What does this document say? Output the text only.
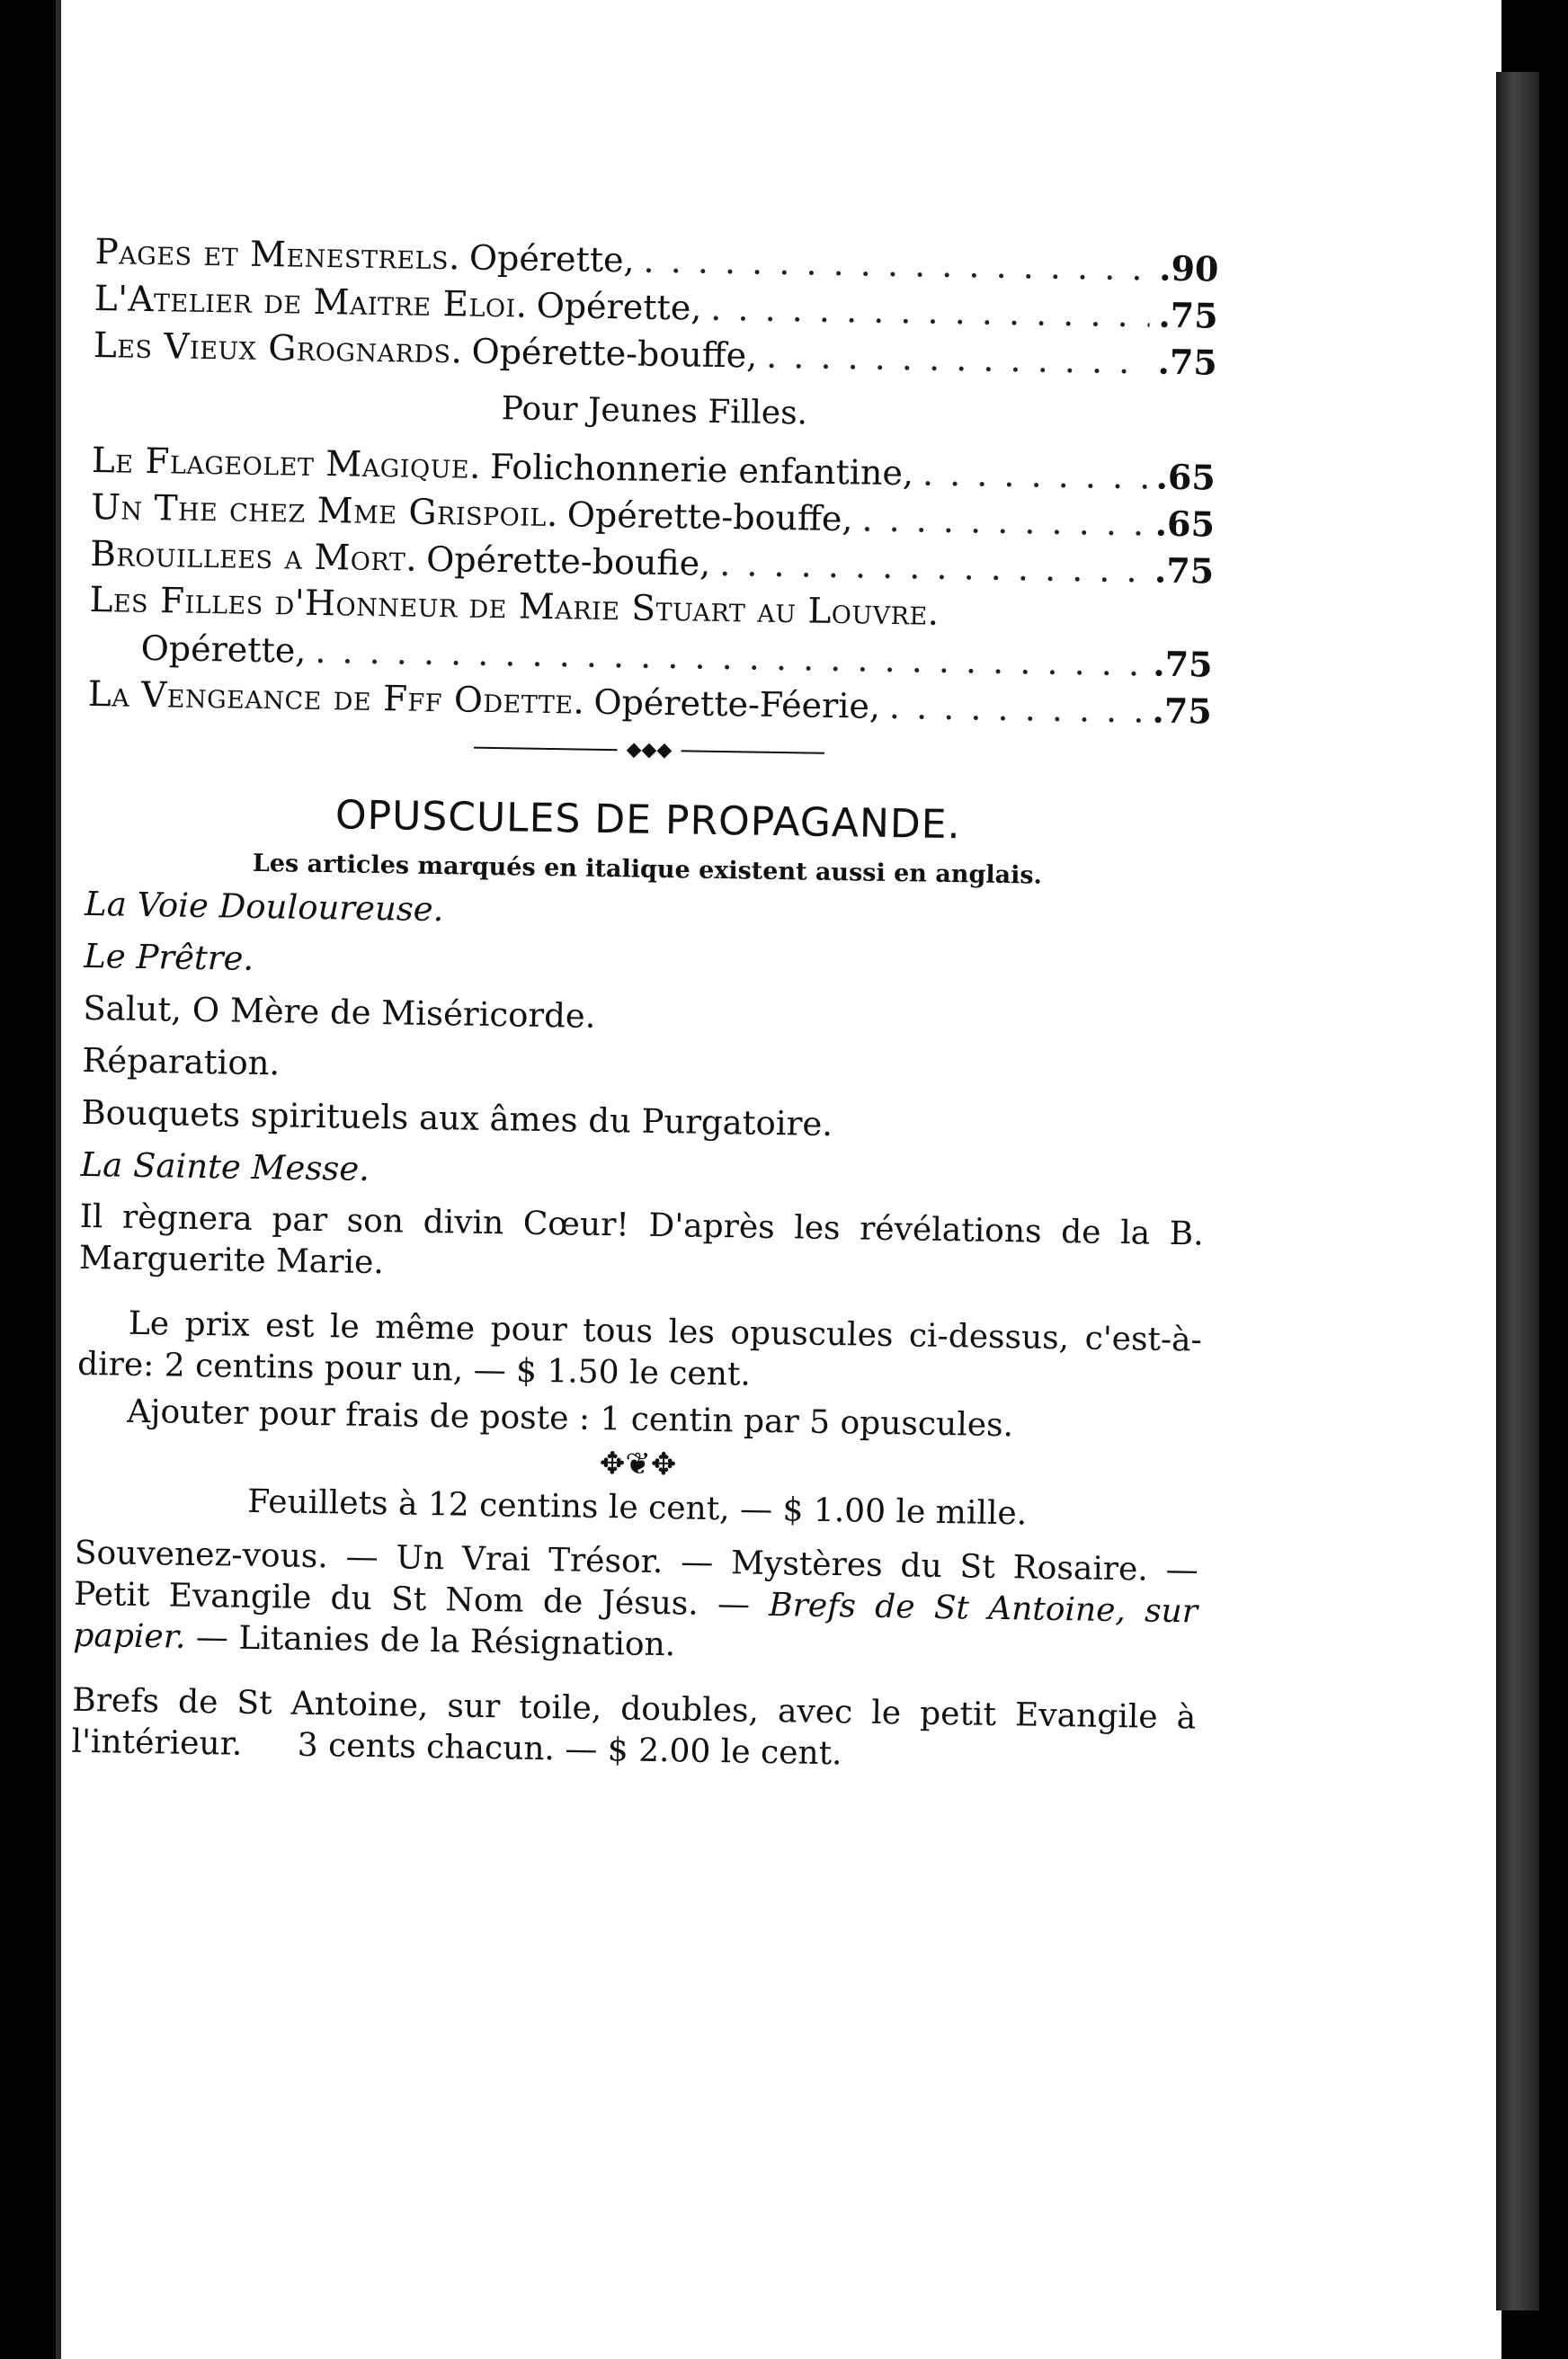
Pages et Menestrels. Opérette, . . .	.90
L'Atelier de Maitre Eloi. Opérette, . . .	.75
Les Vieux Grognards. Opérette-bouffe, . . .	.75
Pour Jeunes Filles.
Le Flageolet Magique. Folichonnerie enfantine, . . .	.65
Un The chez Mme Grispoil. Opérette-bouffe, . . .	.65
Brouillees a Mort. Opérette-boufie, . . .	.75
Les Filles d'Honneur de Marie Stuart au Louvre.
Opérette, . . .	.75
La Vengeance de Fff Odette. Opérette-Féerie, . . .	.75
◆◆◆
OPUSCULES DE PROPAGANDE.
Les articles marqués en italique existent aussi en anglais.
La Voie Douloureuse.
Le Prêtre.
Salut, O Mère de Miséricorde.
Réparation.
Bouquets spirituels aux âmes du Purgatoire.
La Sainte Messe.
Il règnera par son divin Cœur! D'après les révélations de la B. Marguerite Marie.
Le prix est le même pour tous les opuscules ci-dessus, c'est-à-dire: 2 centins pour un, — $ 1.50 le cent.
Ajouter pour frais de poste : 1 centin par 5 opuscules.
✥❦✥
Feuillets à 12 centins le cent, — $ 1.00 le mille.
Souvenez-vous. — Un Vrai Trésor. — Mystères du St Rosaire. — Petit Evangile du St Nom de Jésus. — Brefs de St Antoine, sur papier. — Litanies de la Résignation.
Brefs de St Antoine, sur toile, doubles, avec le petit Evangile à l'intérieur. 3 cents chacun. — $ 2.00 le cent.
